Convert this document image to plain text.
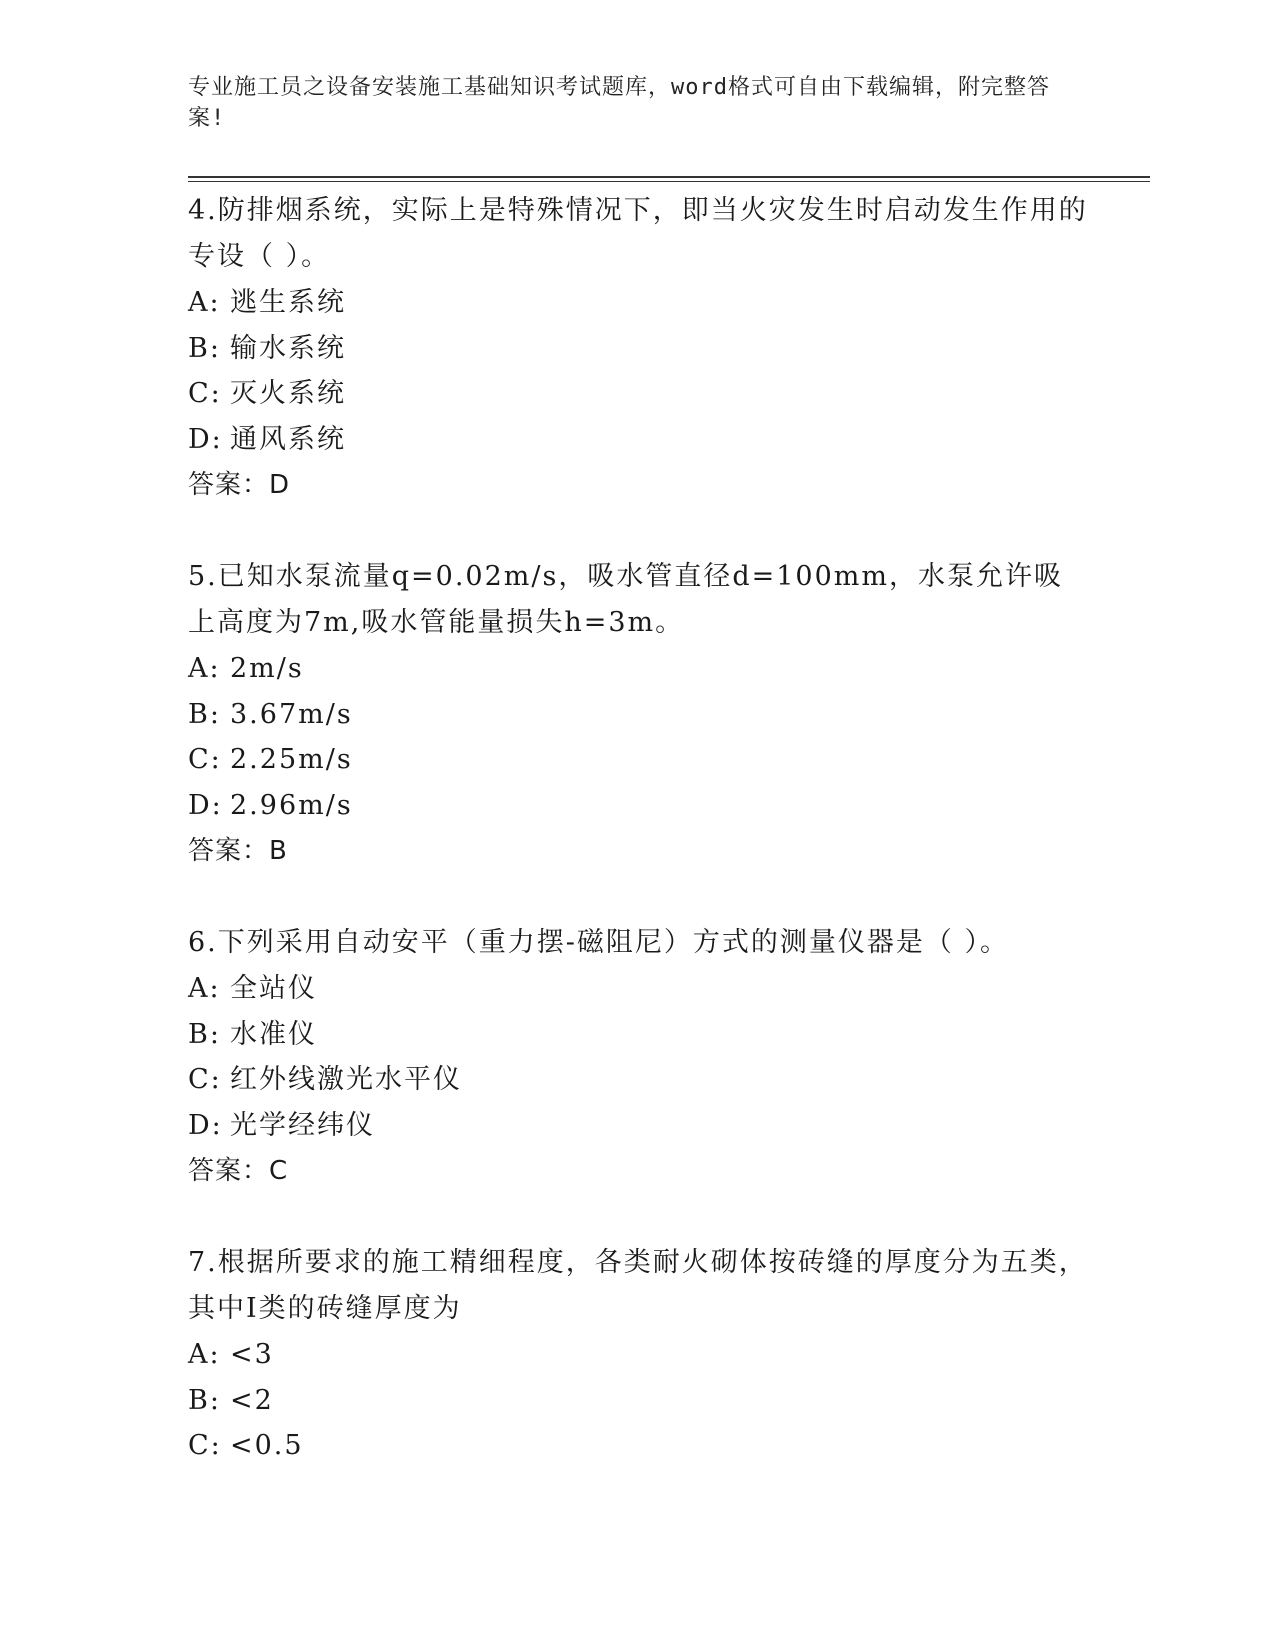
专业施工员之设备安装施工基础知识考试题库，word格式可自由下载编辑，附完整答案!

4.防排烟系统，实际上是特殊情况下，即当火灾发生时启动发生作用的专设（ ）。

A: 逃生系统

B: 输水系统

C: 灭火系统

D: 通风系统

答案：D

5.已知水泵流量q=0.02m/s，吸水管直径d=100mm，水泵允许吸上高度为7m,吸水管能量损失h=3m。

A: 2m/s

B: 3.67m/s

C: 2.25m/s

D: 2.96m/s

答案：B

6.下列采用自动安平（重力摆-磁阻尼）方式的测量仪器是（ ）。

A: 全站仪

B: 水准仪

C: 红外线激光水平仪

D: 光学经纬仪

答案：C

7.根据所要求的施工精细程度，各类耐火砌体按砖缝的厚度分为五类，其中Ⅰ类的砖缝厚度为

A: <3

B: <2

C: <0.5
